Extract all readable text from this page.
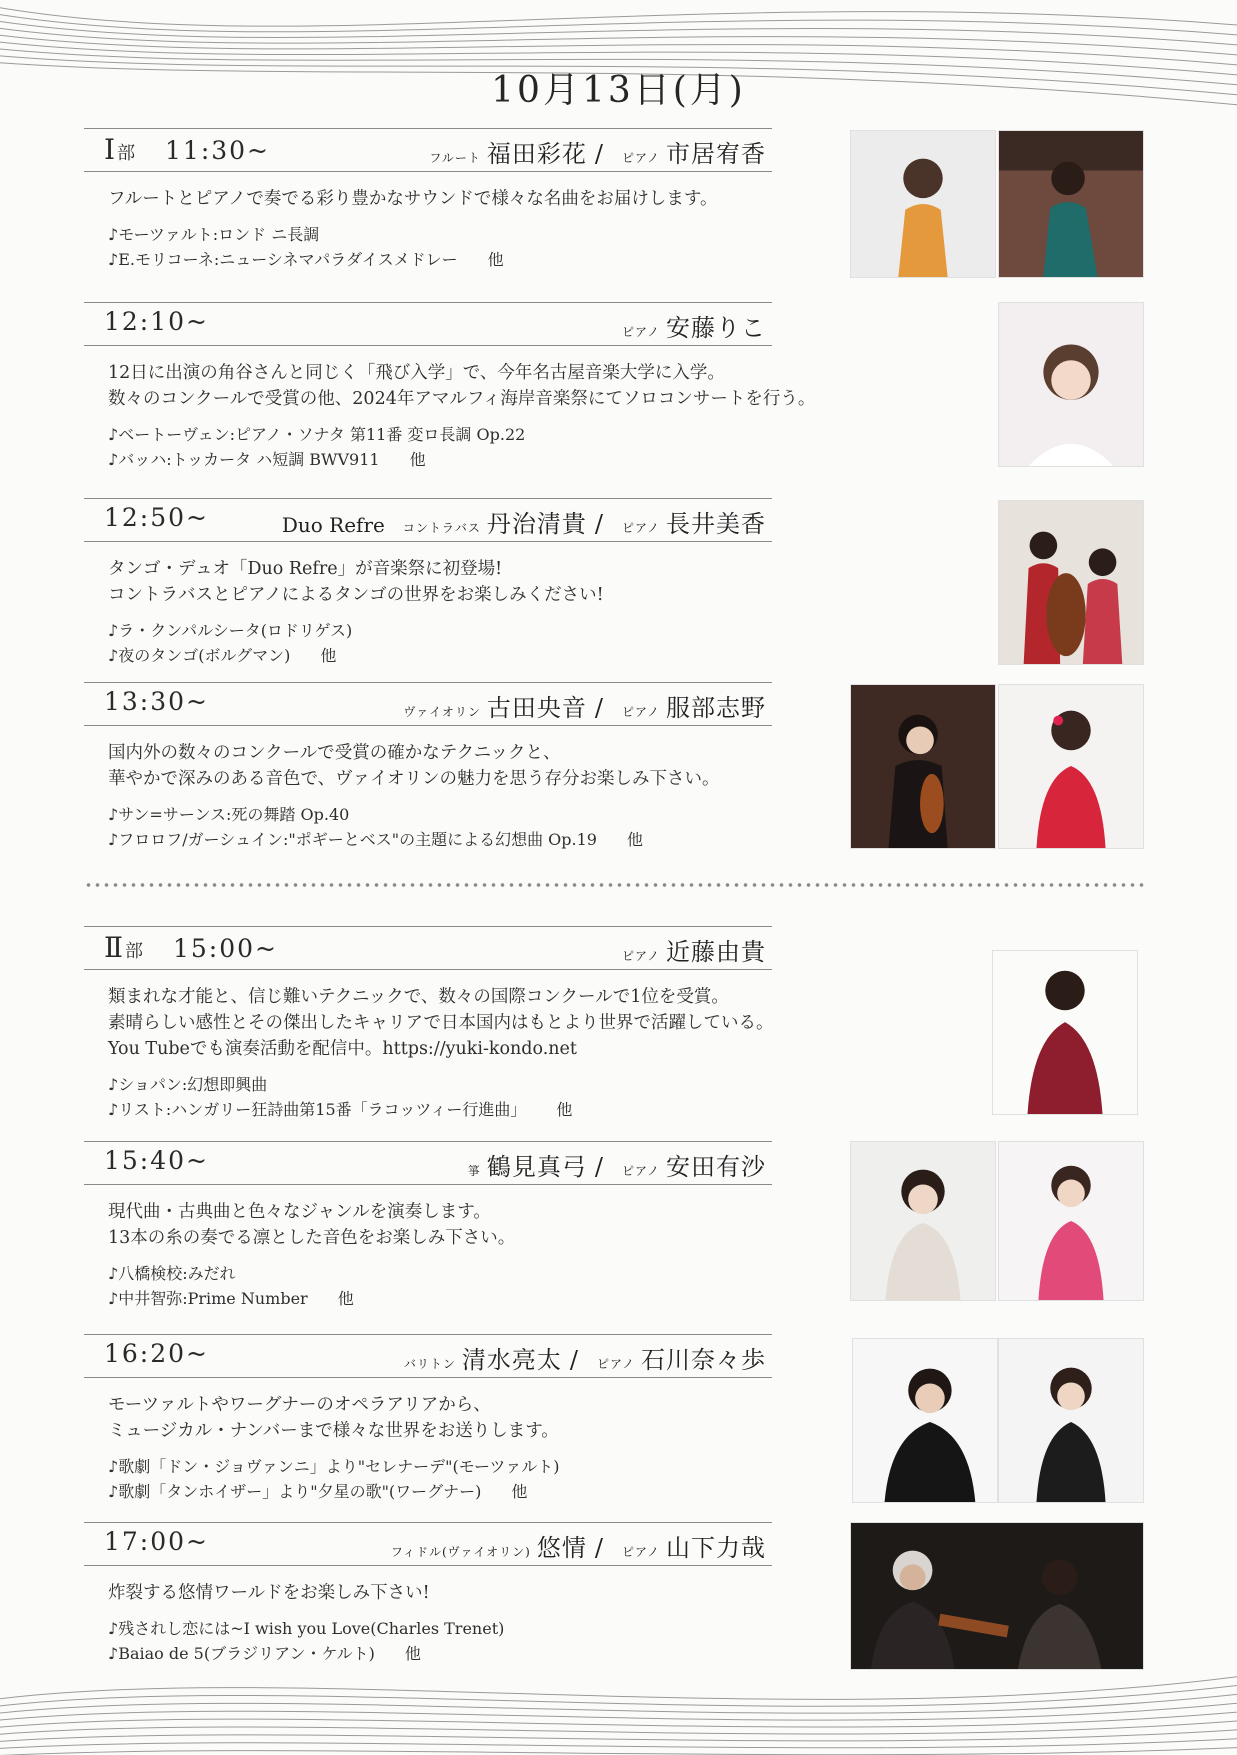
10月13日(月)
Ⅰ部 11:30~	フルート 福田彩花 / ピアノ 市居宥香
フルートとピアノで奏でる彩り豊かなサウンドで様々な名曲をお届けします。
♪モーツァルト:ロンド ニ長調
♪E.モリコーネ:ニューシネマパラダイスメドレー 他
12:10~	ピアノ 安藤りこ
12日に出演の角谷さんと同じく「飛び入学」で、今年名古屋音楽大学に入学。
数々のコンクールで受賞の他、2024年アマルフィ海岸音楽祭にてソロコンサートを行う。
♪ベートーヴェン:ピアノ・ソナタ 第11番 変ロ長調 Op.22
♪バッハ:トッカータ ハ短調 BWV911 他
12:50~	Duo Refre コントラバス 丹治清貴 / ピアノ 長井美香
タンゴ・デュオ「Duo Refre」が音楽祭に初登場!
コントラバスとピアノによるタンゴの世界をお楽しみください!
♪ラ・クンパルシータ(ロドリゲス)
♪夜のタンゴ(ボルグマン) 他
13:30~	ヴァイオリン 古田央音 / ピアノ 服部志野
国内外の数々のコンクールで受賞の確かなテクニックと、
華やかで深みのある音色で、ヴァイオリンの魅力を思う存分お楽しみ下さい。
♪サン=サーンス:死の舞踏 Op.40
♪フロロフ/ガーシュイン:"ポギーとベス"の主題による幻想曲 Op.19 他
Ⅱ部 15:00~	ピアノ 近藤由貴
類まれな才能と、信じ難いテクニックで、数々の国際コンクールで1位を受賞。
素晴らしい感性とその傑出したキャリアで日本国内はもとより世界で活躍している。
You Tubeでも演奏活動を配信中。https://yuki-kondo.net
♪ショパン:幻想即興曲
♪リスト:ハンガリー狂詩曲第15番「ラコッツィー行進曲」 他
15:40~	箏 鶴見真弓 / ピアノ 安田有沙
現代曲・古典曲と色々なジャンルを演奏します。
13本の糸の奏でる凛とした音色をお楽しみ下さい。
♪八橋検校:みだれ
♪中井智弥:Prime Number 他
16:20~	バリトン 清水亮太 / ピアノ 石川奈々歩
モーツァルトやワーグナーのオペラアリアから、
ミュージカル・ナンバーまで様々な世界をお送りします。
♪歌劇「ドン・ジョヴァンニ」より"セレナーデ"(モーツァルト)
♪歌劇「タンホイザー」より"夕星の歌"(ワーグナー) 他
17:00~	フィドル(ヴァイオリン) 悠情 / ピアノ 山下力哉
炸裂する悠情ワールドをお楽しみ下さい!
♪残されし恋には~I wish you Love(Charles Trenet)
♪Baiao de 5(ブラジリアン・ケルト) 他
